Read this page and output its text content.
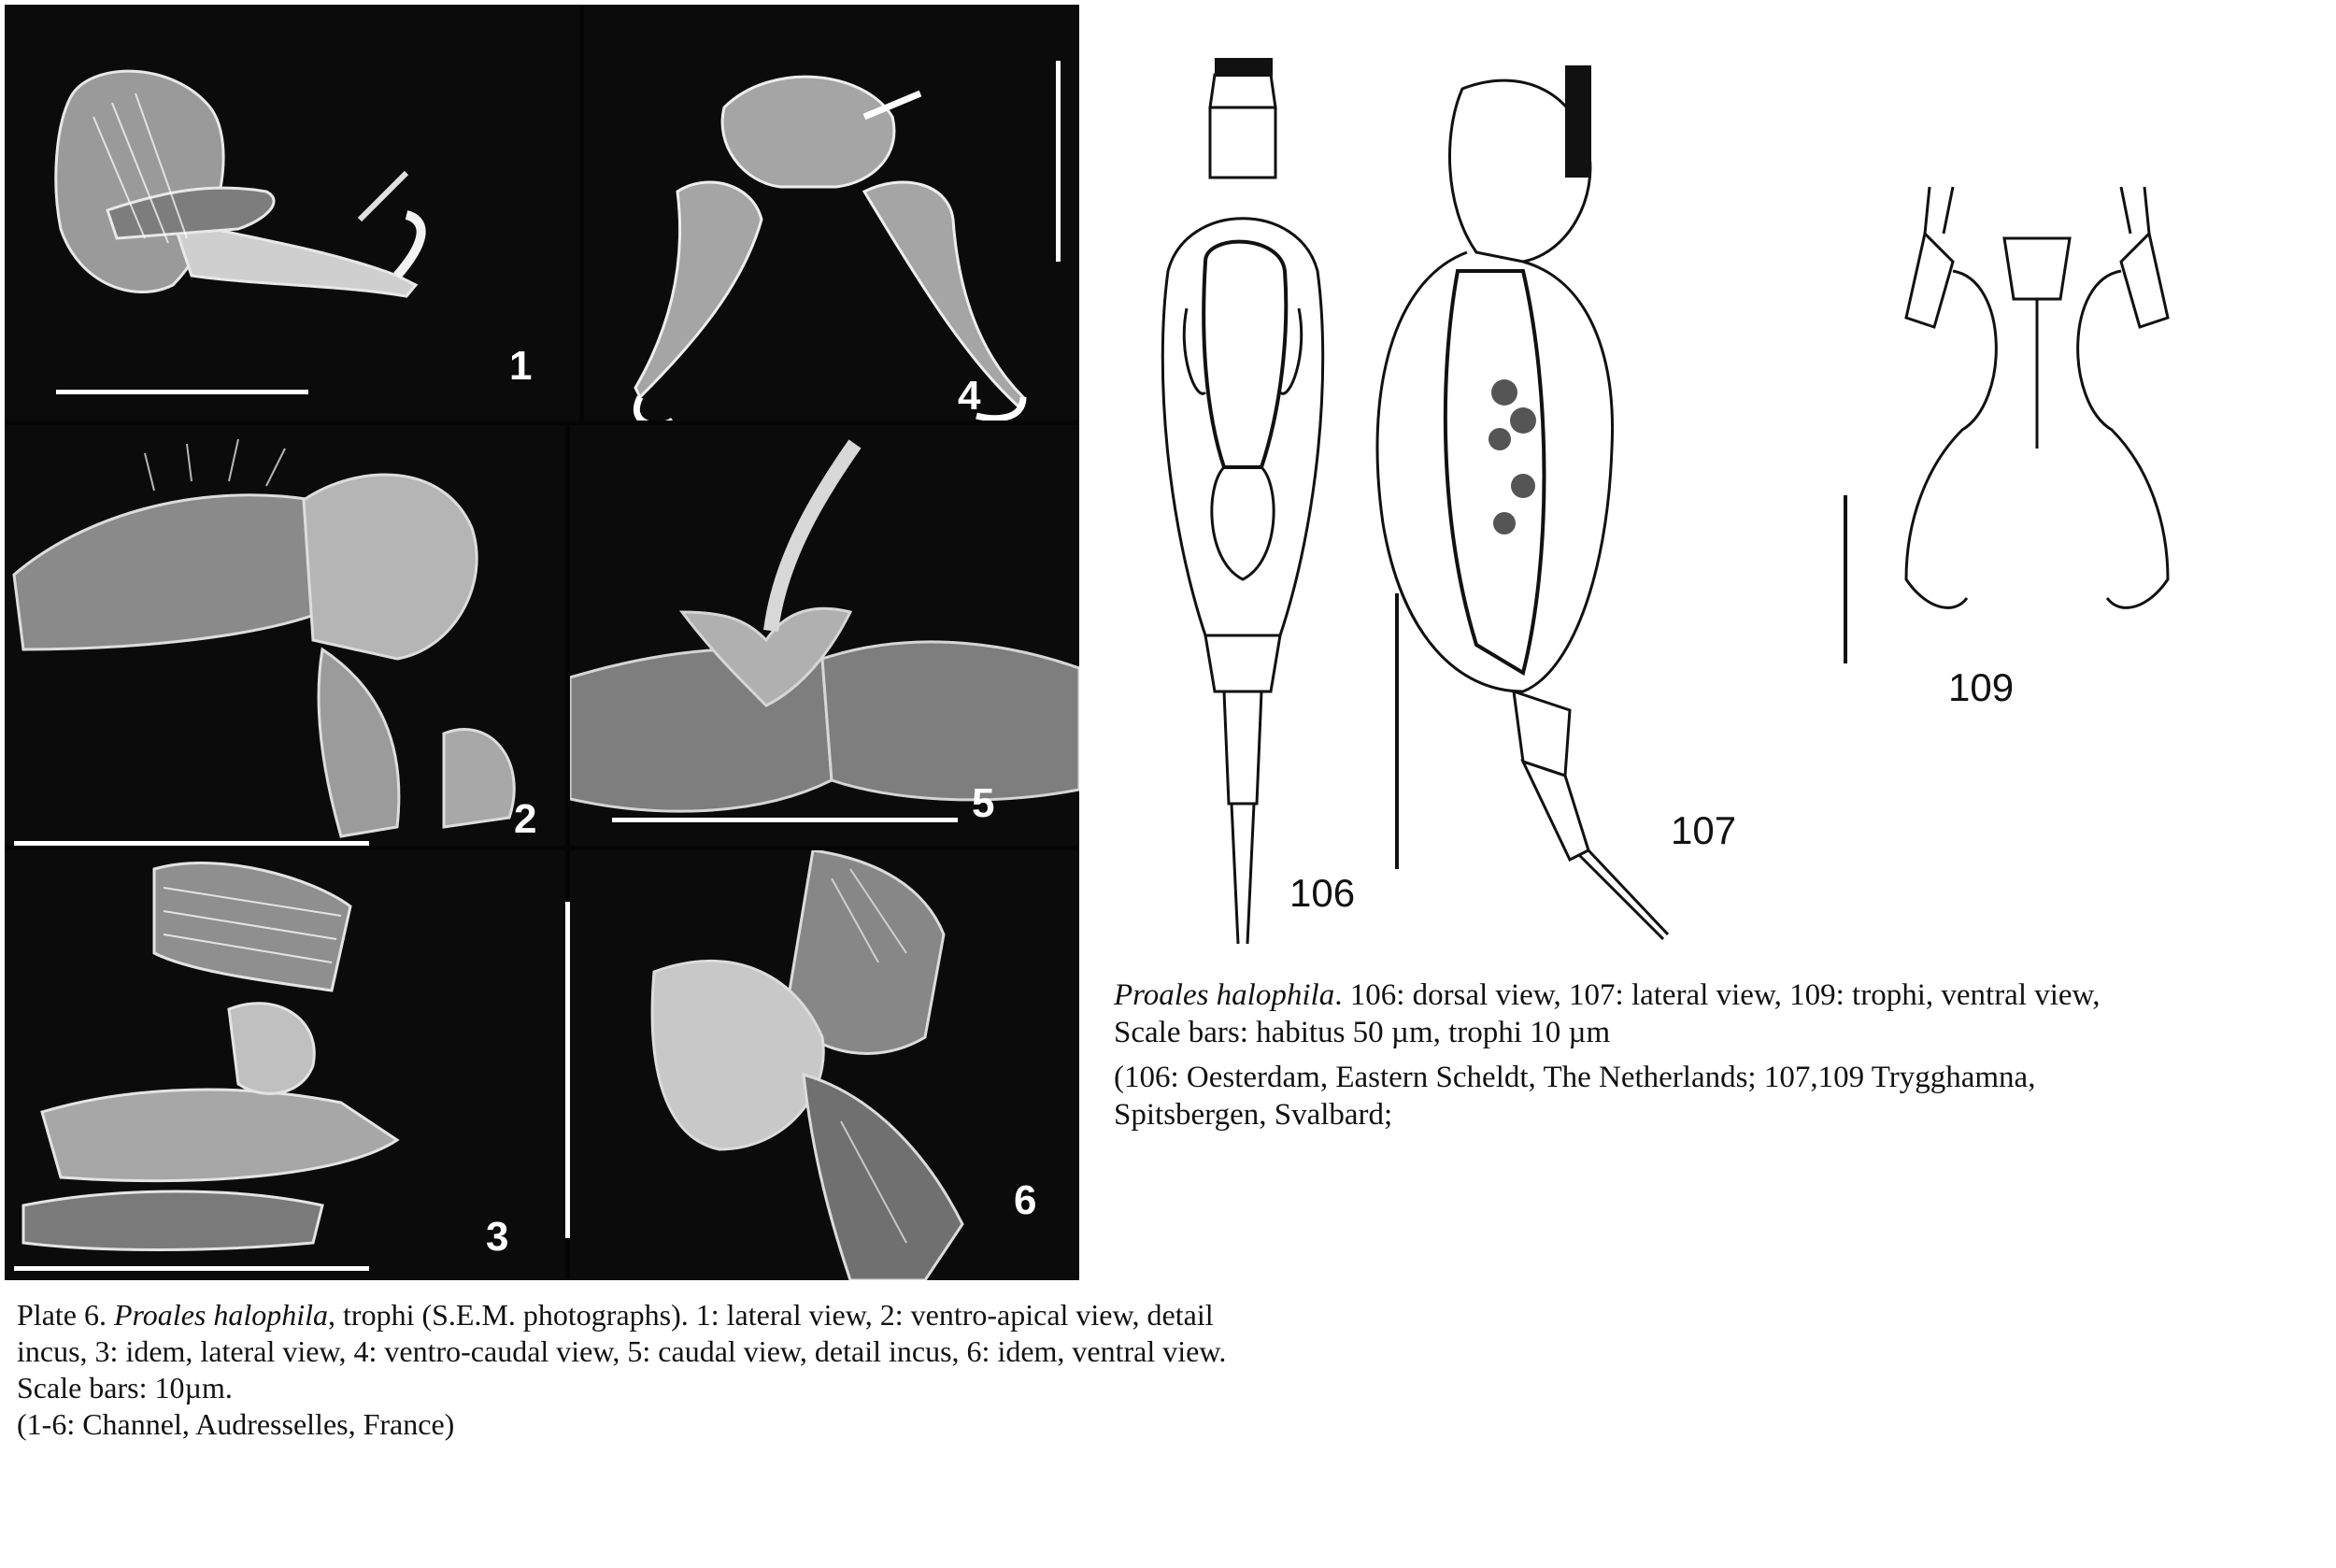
1
4
2	5
3
6
106
107
109
Proales halophila. 106: dorsal view, 107: lateral view, 109: trophi, ventral view,
Scale bars: habitus 50 µm, trophi 10 µm
(106: Oesterdam, Eastern Scheldt, The Netherlands; 107,109 Trygghamna,
Spitsbergen, Svalbard;
Plate 6. Proales halophila, trophi (S.E.M. photographs). 1: lateral view, 2: ventro-apical view, detail
incus, 3: idem, lateral view, 4: ventro-caudal view, 5: caudal view, detail incus, 6: idem, ventral view.
Scale bars: 10µm.
(1-6: Channel, Audresselles, France)
